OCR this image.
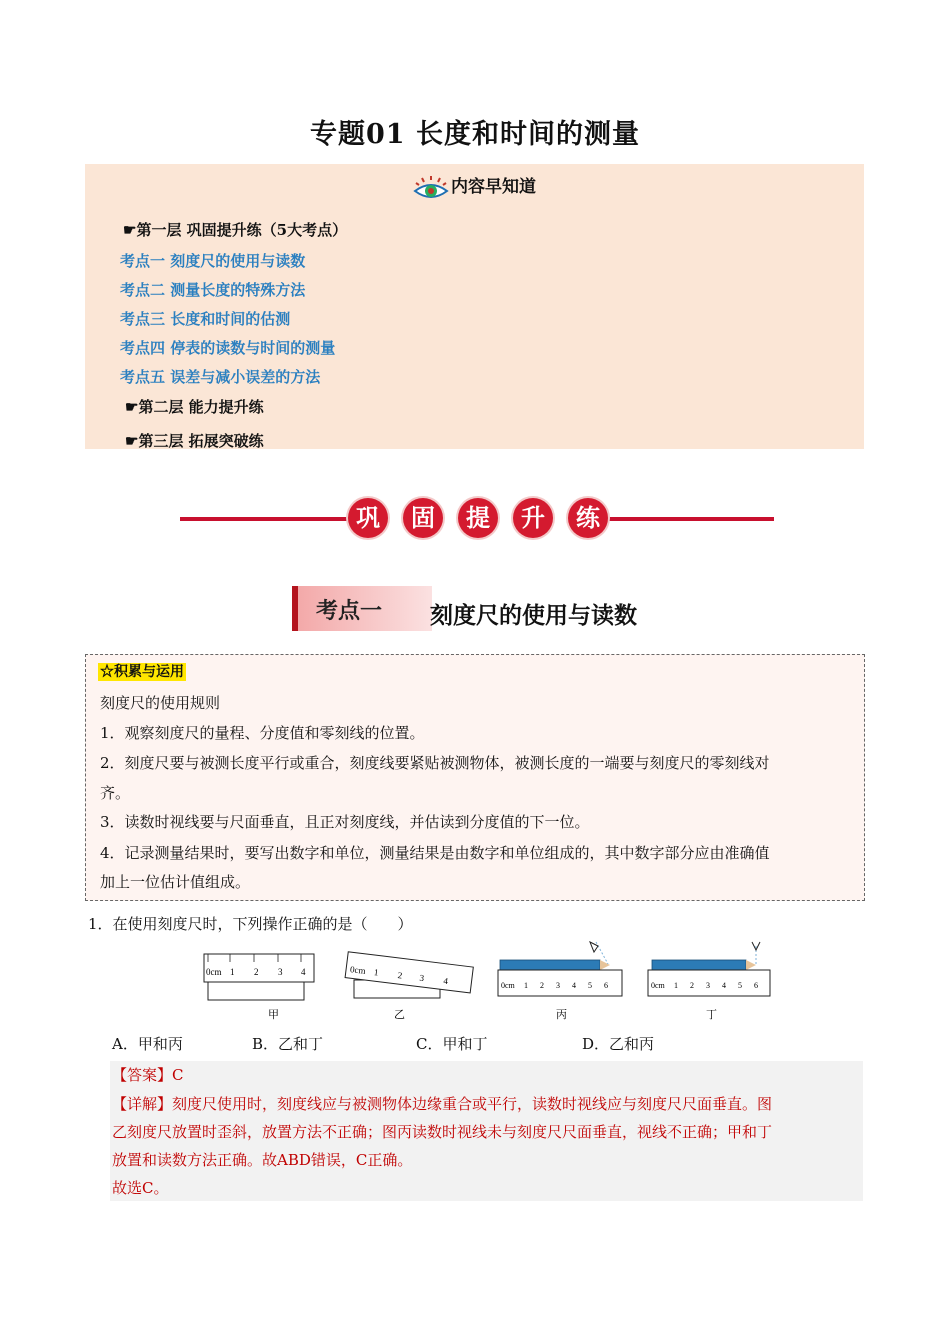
专题01 长度和时间的测量
内容早知道
☛第一层 巩固提升练（5大考点）
考点一 刻度尺的使用与读数
考点二 测量长度的特殊方法
考点三 长度和时间的估测
考点四 停表的读数与时间的测量
考点五 误差与减小误差的方法
☛第二层 能力提升练
☛第三层 拓展突破练
巩	固	提	升	练
考点一 刻度尺的使用与读数
☆积累与运用
刻度尺的使用规则
1．观察刻度尺的量程、分度值和零刻线的位置。
2．刻度尺要与被测长度平行或重合，刻度线要紧贴被测物体，被测长度的一端要与刻度尺的零刻线对
齐。
3．读数时视线要与尺面垂直，且正对刻度线，并估读到分度值的下一位。
4．记录测量结果时，要写出数字和单位，测量结果是由数字和单位组成的，其中数字部分应由准确值
加上一位估计值组成。
1．在使用刻度尺时，下列操作正确的是（　　）
0cm 1 2 3 4
甲
0cm 1 2 3 4
乙
0cm 1 2 3 4 5 6
丙
0cm 1 2 3 4 5 6
丁
A．甲和丙	B．乙和丁	C．甲和丁	D．乙和丙
【答案】C
【详解】刻度尺使用时，刻度线应与被测物体边缘重合或平行，读数时视线应与刻度尺尺面垂直。图
乙刻度尺放置时歪斜，放置方法不正确；图丙读数时视线未与刻度尺尺面垂直，视线不正确；甲和丁
放置和读数方法正确。故ABD错误，C正确。
故选C。
